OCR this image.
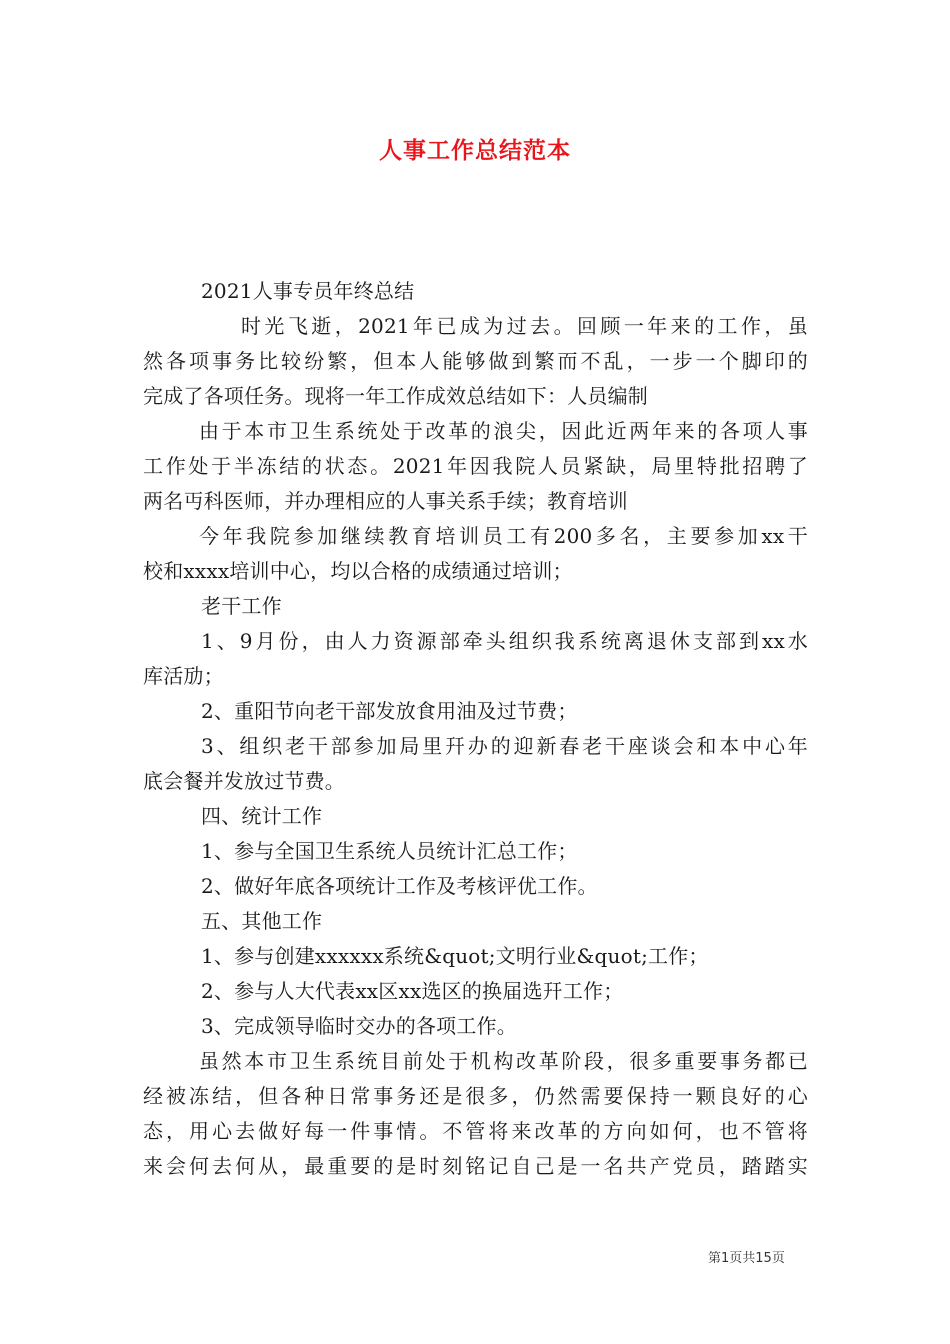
人事工作总结范本
2021人事专员年终总结
时光飞逝，2021年已成为过去。回顾一年来的工作，虽
然各项事务比较纷繁，但本人能够做到繁而不乱，一步一个脚印的
完成了各项任务。现将一年工作成效总结如下：人员编制
由于本市卫生系统处于改革的浪尖，因此近两年来的各项人事
工作处于半冻结的状态。2021年因我院人员紧缺，局里特批招聘了
两名丏科医师，并办理相应的人事关系手续；教育培训
今年我院参加继续教育培训员工有200多名，主要参加xx干
校和xxxx培训中心，均以合格的成绩通过培训；
老干工作
1、9月份，由人力资源部牵头组织我系统离退休支部到xx水
库活劢；
2、重阳节向老干部发放食用油及过节费；
3、组织老干部参加局里幵办的迎新春老干座谈会和本中心年
底会餐并发放过节费。
四、统计工作
1、参与全国卫生系统人员统计汇总工作；
2、做好年底各项统计工作及考核评优工作。
五、其他工作
1、参与创建xxxxxx系统&quot;文明行业&quot;工作；
2、参与人大代表xx区xx选区的换届选幵工作；
3、完成领导临时交办的各项工作。
虽然本市卫生系统目前处于机构改革阶段，很多重要事务都已
经被冻结，但各种日常事务还是很多，仍然需要保持一颗良好的心
态，用心去做好每一件事情。不管将来改革的方向如何，也不管将
来会何去何从，最重要的是时刻铭记自己是一名共产党员，踏踏实
第1页共15页
